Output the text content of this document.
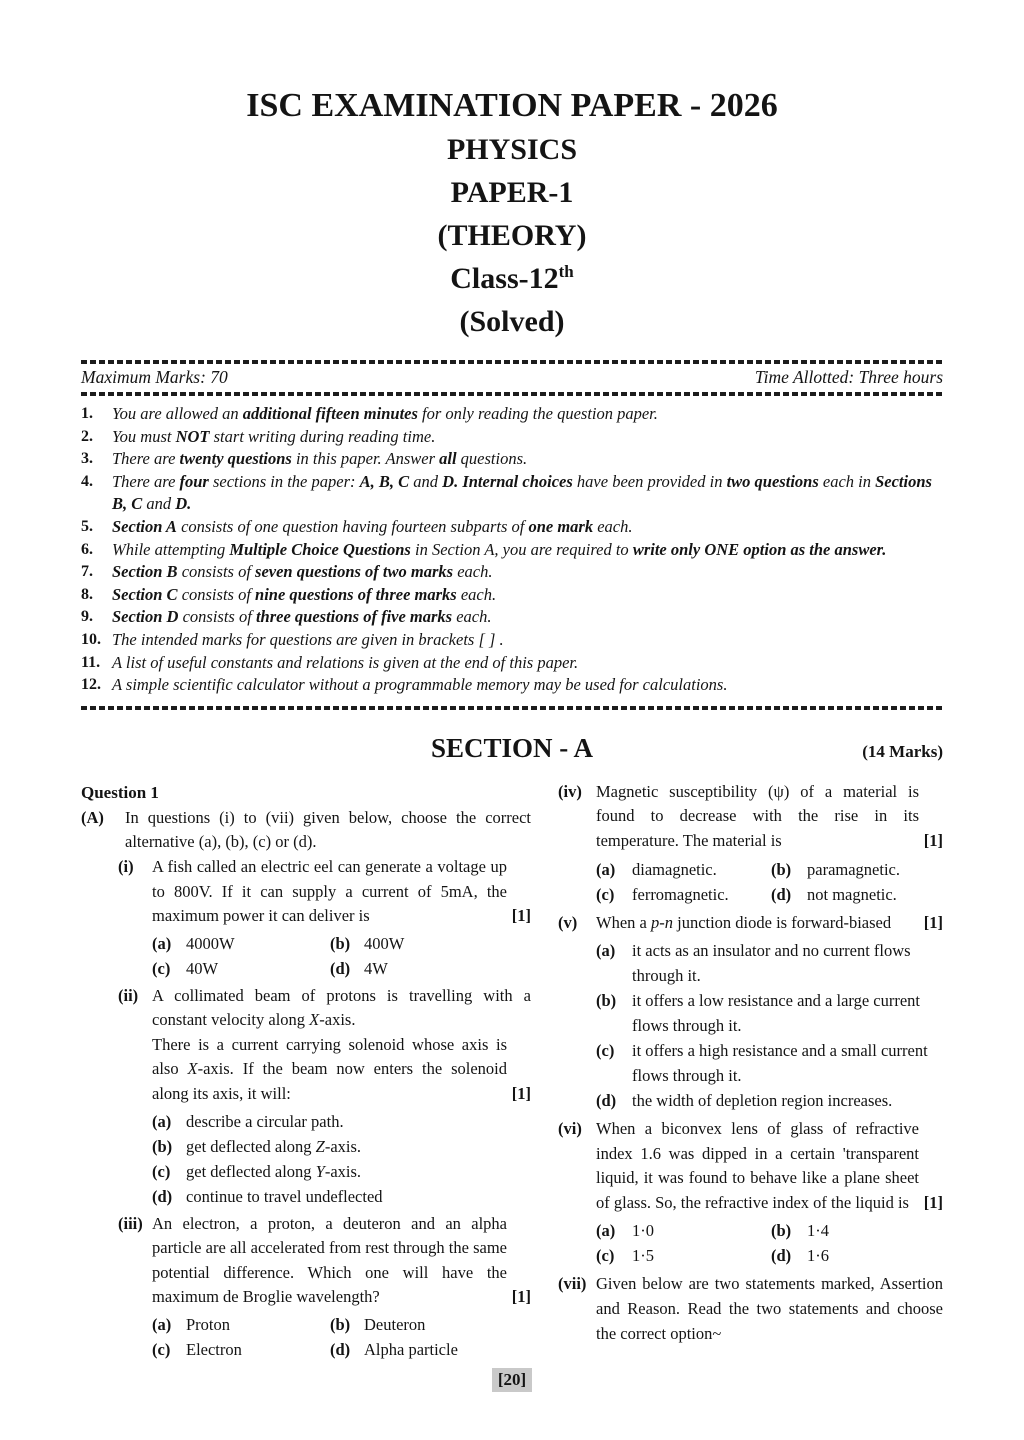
ISC EXAMINATION PAPER - 2026
PHYSICS
PAPER-1
(THEORY)
Class-12th
(Solved)
Maximum Marks: 70	Time Allotted: Three hours
1.	You are allowed an additional fifteen minutes for only reading the question paper.
2.	You must NOT start writing during reading time.
3.	There are twenty questions in this paper. Answer all questions.
4.	There are four sections in the paper: A, B, C and D. Internal choices have been provided in two questions each in Sections B, C and D.
5.	Section A consists of one question having fourteen subparts of one mark each.
6.	While attempting Multiple Choice Questions in Section A, you are required to write only ONE option as the answer.
7.	Section B consists of seven questions of two marks each.
8.	Section C consists of nine questions of three marks each.
9.	Section D consists of three questions of five marks each.
10. The intended marks for questions are given in brackets [ ] .
11. A list of useful constants and relations is given at the end of this paper.
12. A simple scientific calculator without a programmable memory may be used for calculations.
SECTION - A	(14 Marks)
Question 1
(A)	In questions (i) to (vii) given below, choose the correct alternative (a), (b), (c) or (d).

(i)	A fish called an electric eel can generate a voltage up to 800V. If it can supply a current of 5mA, the maximum power it can deliver is	[1]

(a) 4000W	(b) 400W
(c) 40W	(d) 4W
(ii) A collimated beam of protons is travelling with a constant velocity along X-axis.

There is a current carrying solenoid whose axis is also X-axis. If the beam now enters the solenoid along its axis, it will:	[1]

(a) describe a circular path.
(b) get deflected along Z-axis.
(c) get deflected along Y-axis.
(d) continue to travel undeflected
(iii) An electron, a proton, a deuteron and an alpha particle are all accelerated from rest through the same potential difference. Which one will have the maximum de Broglie wavelength?	[1]

(a) Proton	(b) Deuteron
(c) Electron	(d) Alpha particle
(iv) Magnetic susceptibility (ψ) of a material is found to decrease with the rise in its temperature. The material is	[1]

(a)	diamagnetic.	(b) paramagnetic.
(c)	ferromagnetic.	(d) not magnetic.
(v)	When a p-n junction diode is forward-biased [1]

(a)	it acts as an insulator and no current flows through it.
(b) it offers a low resistance and a large current flows through it.
(c)	it offers a high resistance and a small current flows through it.
(d) the width of depletion region increases.
(vi) When a biconvex lens of glass of refractive index 1.6 was dipped in a certain 'transparent liquid, it was found to behave like a plane sheet of glass. So, the refractive index of the liquid is [1]

(a)	1·0	(b) 1·4
(c)	1·5	(d) 1·6
(vii) Given below are two statements marked, Assertion and Reason. Read the two statements and choose the correct option~

[20]
